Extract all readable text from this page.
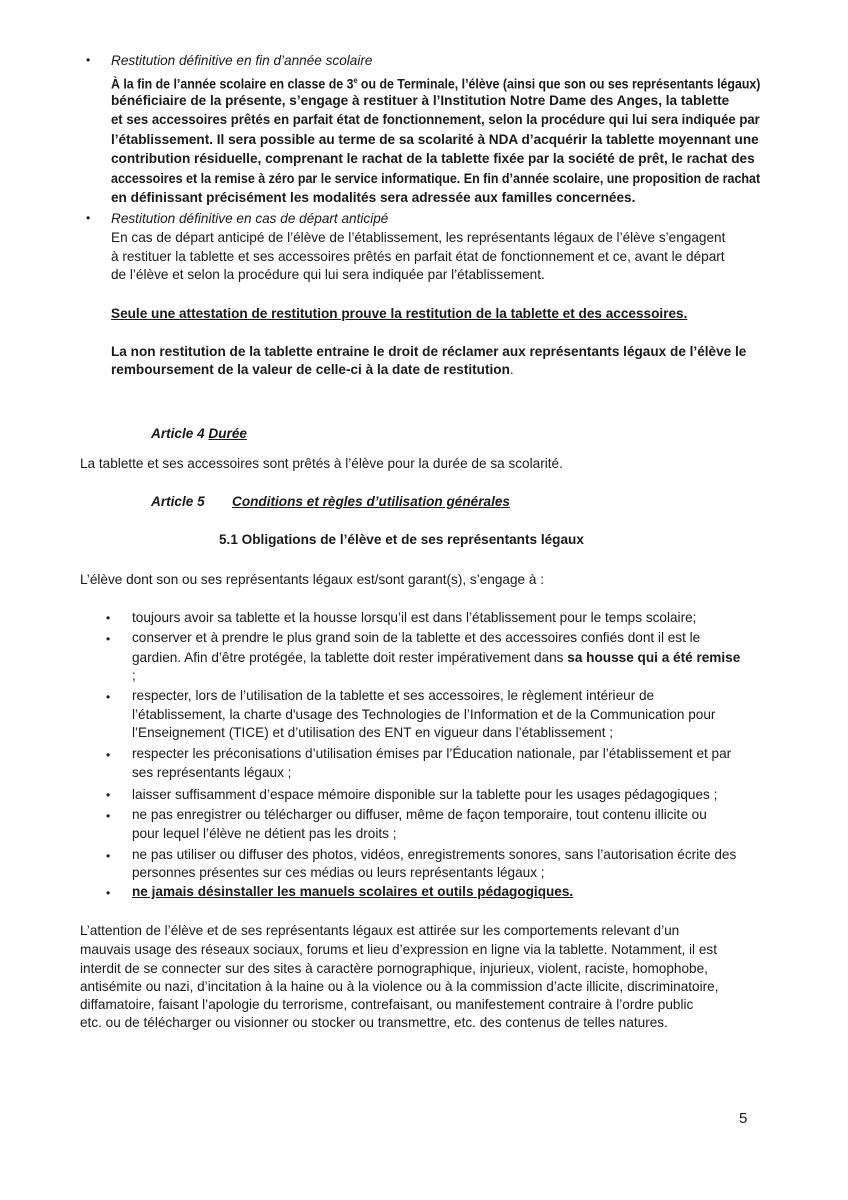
• Restitution définitive en fin d’année scolaire
À la fin de l’année scolaire en classe de 3e ou de Terminale, l’élève (ainsi que son ou ses représentants légaux)
bénéficiaire de la présente, s’engage à restituer à l’Institution Notre Dame des Anges, la tablette
et ses accessoires prêtés en parfait état de fonctionnement, selon la procédure qui lui sera indiquée par
l’établissement. Il sera possible au terme de sa scolarité à NDA d’acquérir la tablette moyennant une
contribution résiduelle, comprenant le rachat de la tablette fixée par la société de prêt, le rachat des
accessoires et la remise à zéro par le service informatique. En fin d’année scolaire, une proposition de rachat
en définissant précisément les modalités sera adressée aux familles concernées.
• Restitution définitive en cas de départ anticipé
En cas de départ anticipé de l’élève de l’établissement, les représentants légaux de l’élève s’engagent
à restituer la tablette et ses accessoires prêtés en parfait état de fonctionnement et ce, avant le départ
de l’élève et selon la procédure qui lui sera indiquée par l’établissement.
Seule une attestation de restitution prouve la restitution de la tablette et des accessoires.
La non restitution de la tablette entraine le droit de réclamer aux représentants légaux de l’élève le
remboursement de la valeur de celle-ci à la date de restitution.
Article 4 Durée
La tablette et ses accessoires sont prêtés à l’élève pour la durée de sa scolarité.
Article 5 Conditions et règles d’utilisation générales
5.1 Obligations de l’élève et de ses représentants légaux
L’élève dont son ou ses représentants légaux est/sont garant(s), s’engage à :
• toujours avoir sa tablette et la housse lorsqu’il est dans l’établissement pour le temps scolaire;
• conserver et à prendre le plus grand soin de la tablette et des accessoires confiés dont il est le
gardien. Afin d’être protégée, la tablette doit rester impérativement dans sa housse qui a été remise
;
• respecter, lors de l’utilisation de la tablette et ses accessoires, le règlement intérieur de
l’établissement, la charte d'usage des Technologies de l’Information et de la Communication pour
l’Enseignement (TICE) et d’utilisation des ENT en vigueur dans l’établissement ;
• respecter les préconisations d’utilisation émises par l’Éducation nationale, par l’établissement et par
ses représentants légaux ;
• laisser suffisamment d’espace mémoire disponible sur la tablette pour les usages pédagogiques ;
• ne pas enregistrer ou télécharger ou diffuser, même de façon temporaire, tout contenu illicite ou
pour lequel l’élève ne détient pas les droits ;
• ne pas utiliser ou diffuser des photos, vidéos, enregistrements sonores, sans l’autorisation écrite des
personnes présentes sur ces médias ou leurs représentants légaux ;
• ne jamais désinstaller les manuels scolaires et outils pédagogiques.
L’attention de l’élève et de ses représentants légaux est attirée sur les comportements relevant d’un
mauvais usage des réseaux sociaux, forums et lieu d’expression en ligne via la tablette. Notamment, il est
interdit de se connecter sur des sites à caractère pornographique, injurieux, violent, raciste, homophobe,
antisémite ou nazi, d’incitation à la haine ou à la violence ou à la commission d’acte illicite, discriminatoire,
diffamatoire, faisant l’apologie du terrorisme, contrefaisant, ou manifestement contraire à l’ordre public
etc. ou de télécharger ou visionner ou stocker ou transmettre, etc. des contenus de telles natures.
5
